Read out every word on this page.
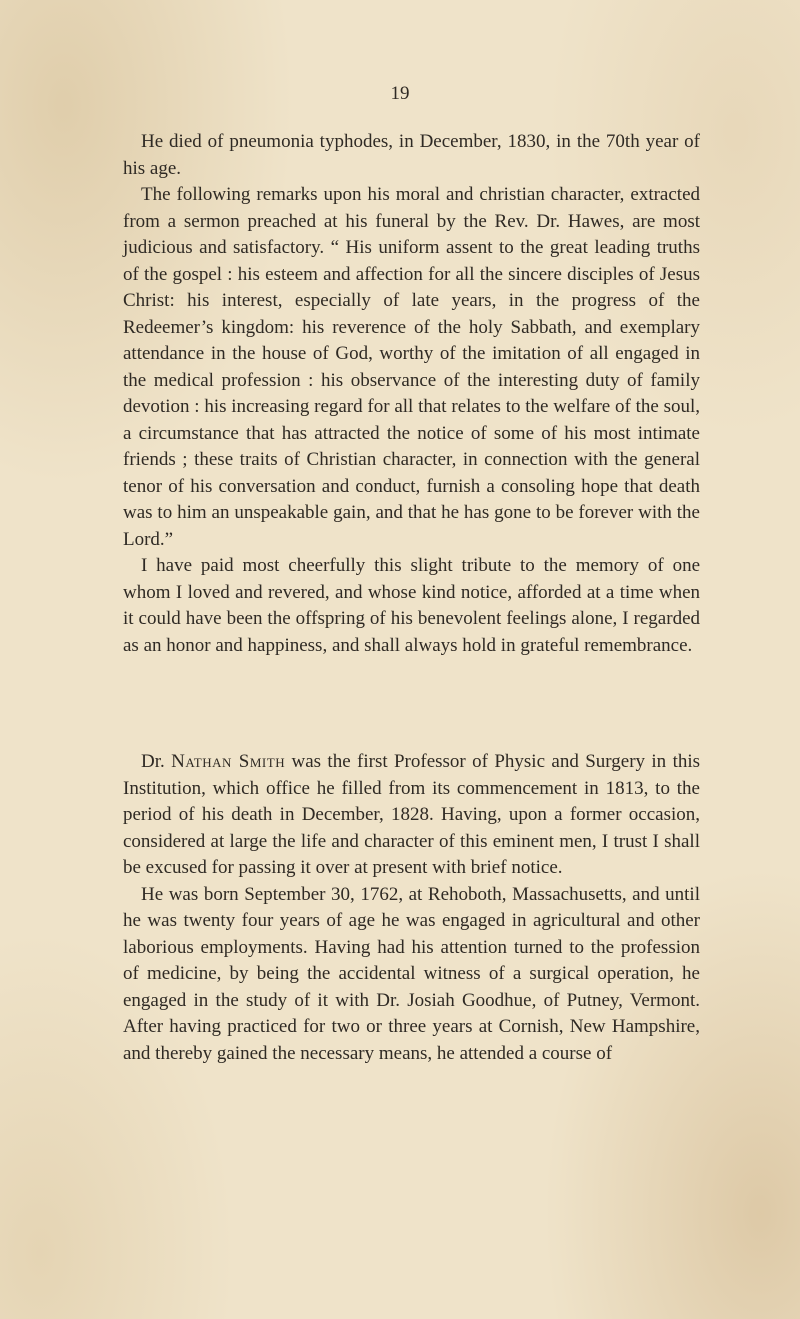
19

He died of pneumonia typhodes, in December, 1830, in the 70th year of his age.

The following remarks upon his moral and christian character, extracted from a sermon preached at his funeral by the Rev. Dr. Hawes, are most judicious and satisfactory. “ His uniform assent to the great leading truths of the gospel : his esteem and affection for all the sincere disciples of Jesus Christ: his interest, especially of late years, in the progress of the Redeemer’s kingdom: his reverence of the holy Sabbath, and exemplary attendance in the house of God, worthy of the imitation of all engaged in the medical profession : his observance of the interesting duty of family devotion : his increasing regard for all that relates to the welfare of the soul, a circumstance that has attracted the notice of some of his most intimate friends ; these traits of Christian character, in connection with the general tenor of his conversation and conduct, furnish a consoling hope that death was to him an unspeakable gain, and that he has gone to be forever with the Lord.”

I have paid most cheerfully this slight tribute to the memory of one whom I loved and revered, and whose kind notice, afforded at a time when it could have been the offspring of his benevolent feelings alone, I regarded as an honor and happiness, and shall always hold in grateful remembrance.

Dr. Nathan Smith was the first Professor of Physic and Surgery in this Institution, which office he filled from its commencement in 1813, to the period of his death in December, 1828. Having, upon a former occasion, considered at large the life and character of this eminent men, I trust I shall be excused for passing it over at present with brief notice.

He was born September 30, 1762, at Rehoboth, Massachusetts, and until he was twenty four years of age he was engaged in agricultural and other laborious employments. Having had his attention turned to the profession of medicine, by being the accidental witness of a surgical operation, he engaged in the study of it with Dr. Josiah Goodhue, of Putney, Vermont. After having practiced for two or three years at Cornish, New Hampshire, and thereby gained the necessary means, he attended a course of
